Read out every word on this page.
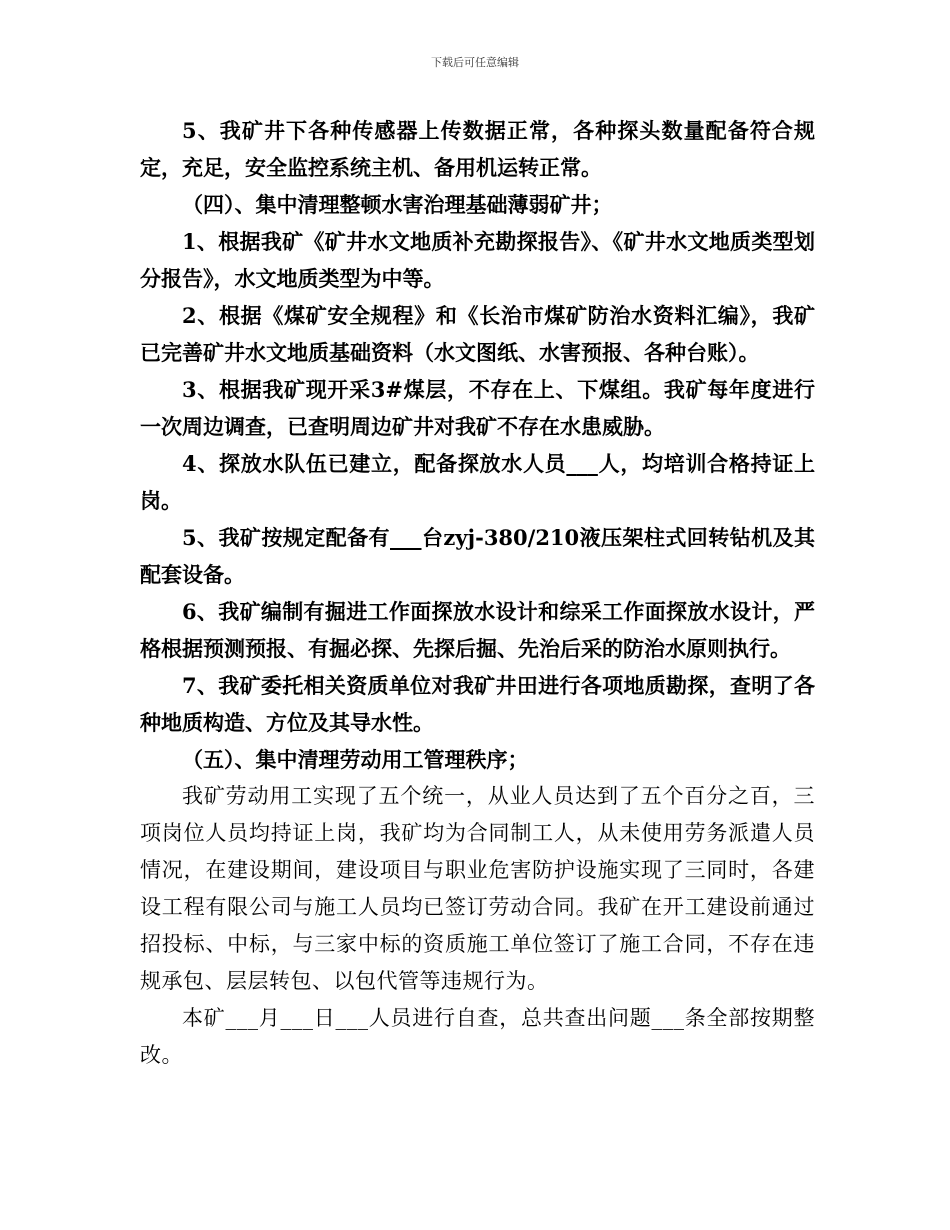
下载后可任意编辑

5、我矿井下各种传感器上传数据正常，各种探头数量配备符合规定，充足，安全监控系统主机、备用机运转正常。

（四）、集中清理整顿水害治理基础薄弱矿井；

1、根据我矿《矿井水文地质补充勘探报告》、《矿井水文地质类型划分报告》，水文地质类型为中等。

2、根据《煤矿安全规程》和《长治市煤矿防治水资料汇编》，我矿已完善矿井水文地质基础资料（水文图纸、水害预报、各种台账）。

3、根据我矿现开采3#煤层，不存在上、下煤组。我矿每年度进行一次周边调查，已查明周边矿井对我矿不存在水患威胁。

4、探放水队伍已建立，配备探放水人员___人，均培训合格持证上岗。

5、我矿按规定配备有___台zyj-380/210液压架柱式回转钻机及其配套设备。

6、我矿编制有掘进工作面探放水设计和综采工作面探放水设计，严格根据预测预报、有掘必探、先探后掘、先治后采的防治水原则执行。

7、我矿委托相关资质单位对我矿井田进行各项地质勘探，查明了各种地质构造、方位及其导水性。

（五）、集中清理劳动用工管理秩序；

我矿劳动用工实现了五个统一，从业人员达到了五个百分之百，三项岗位人员均持证上岗，我矿均为合同制工人，从未使用劳务派遣人员情况，在建设期间，建设项目与职业危害防护设施实现了三同时，各建设工程有限公司与施工人员均已签订劳动合同。我矿在开工建设前通过招投标、中标，与三家中标的资质施工单位签订了施工合同，不存在违规承包、层层转包、以包代管等违规行为。

本矿___月___日___人员进行自查，总共查出问题___条全部按期整改。
